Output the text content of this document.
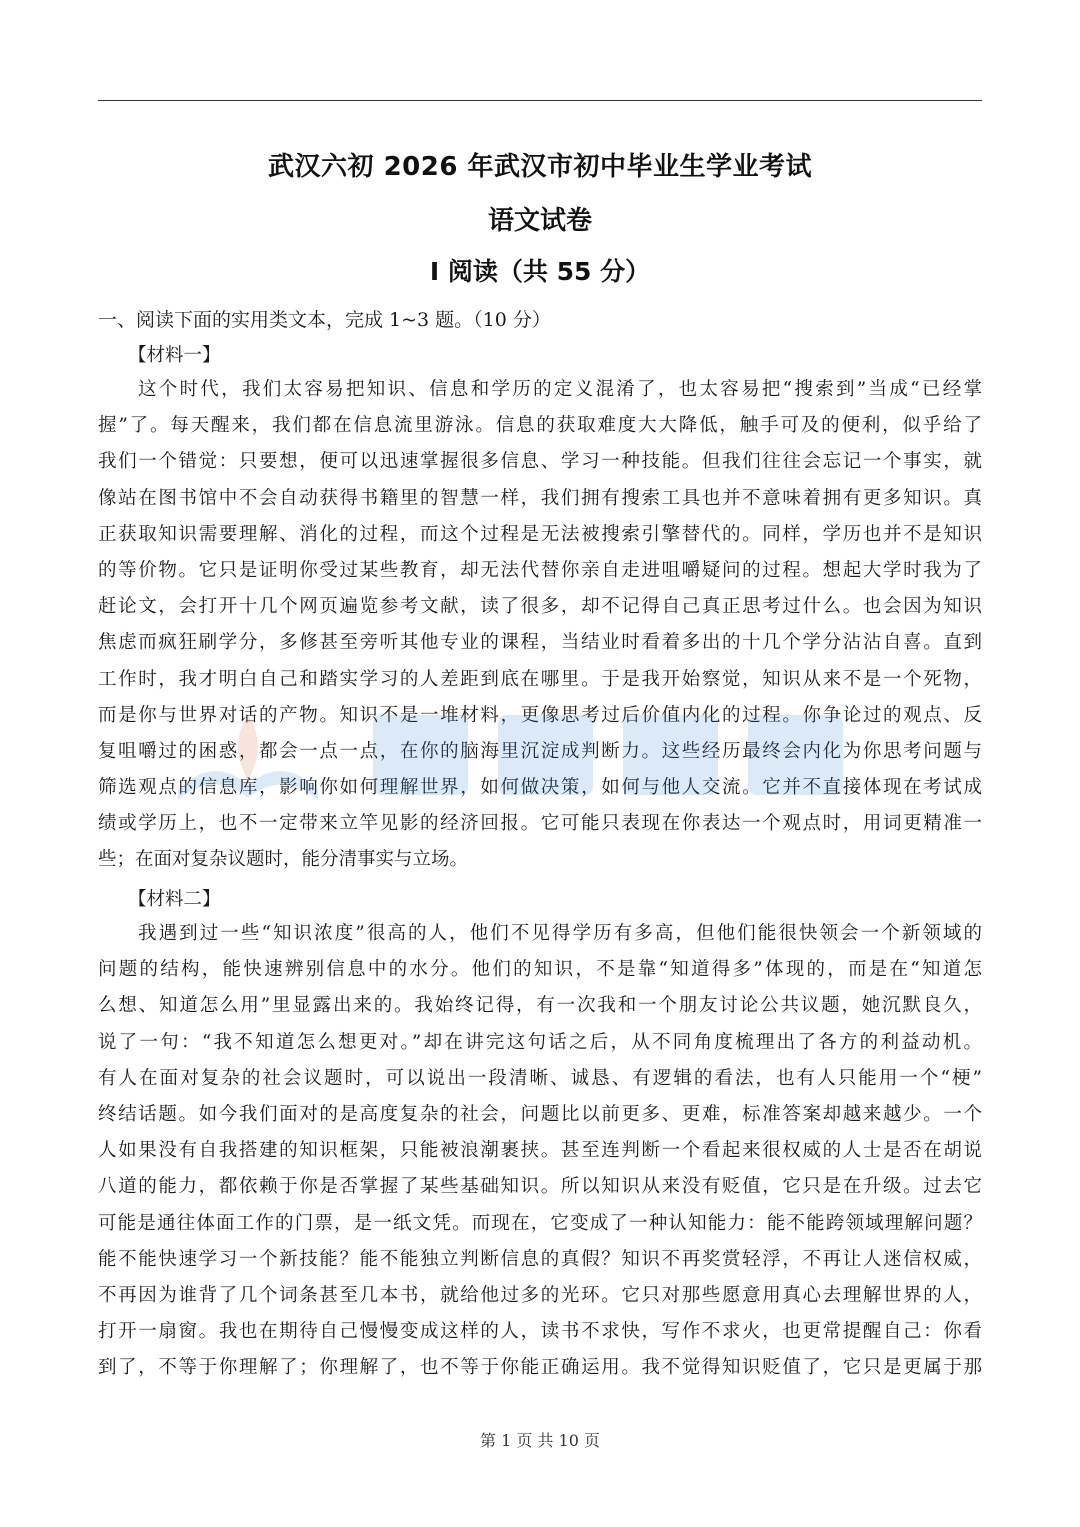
武汉六初 2026 年武汉市初中毕业生学业考试
语文试卷
Ⅰ 阅读（共 55 分）

一、阅读下面的实用类文本，完成 1~3 题。（10 分）

【材料一】

这个时代，我们太容易把知识、信息和学历的定义混淆了，也太容易把“搜索到”当成“已经掌
握”了。每天醒来，我们都在信息流里游泳。信息的获取难度大大降低，触手可及的便利，似乎给了
我们一个错觉：只要想，便可以迅速掌握很多信息、学习一种技能。但我们往往会忘记一个事实，就
像站在图书馆中不会自动获得书籍里的智慧一样，我们拥有搜索工具也并不意味着拥有更多知识。真
正获取知识需要理解、消化的过程，而这个过程是无法被搜索引擎替代的。同样，学历也并不是知识
的等价物。它只是证明你受过某些教育，却无法代替你亲自走进咀嚼疑问的过程。想起大学时我为了
赶论文，会打开十几个网页遍览参考文献，读了很多，却不记得自己真正思考过什么。也会因为知识
焦虑而疯狂刷学分，多修甚至旁听其他专业的课程，当结业时看着多出的十几个学分沾沾自喜。直到
工作时，我才明白自己和踏实学习的人差距到底在哪里。于是我开始察觉，知识从来不是一个死物，
而是你与世界对话的产物。知识不是一堆材料，更像思考过后价值内化的过程。你争论过的观点、反
复咀嚼过的困惑，都会一点一点，在你的脑海里沉淀成判断力。这些经历最终会内化为你思考问题与
筛选观点的信息库，影响你如何理解世界，如何做决策，如何与他人交流。它并不直接体现在考试成
绩或学历上，也不一定带来立竿见影的经济回报。它可能只表现在你表达一个观点时，用词更精准一
些；在面对复杂议题时，能分清事实与立场。

【材料二】

我遇到过一些“知识浓度”很高的人，他们不见得学历有多高，但他们能很快领会一个新领域的
问题的结构，能快速辨别信息中的水分。他们的知识，不是靠“知道得多”体现的，而是在“知道怎
么想、知道怎么用”里显露出来的。我始终记得，有一次我和一个朋友讨论公共议题，她沉默良久，
说了一句：“我不知道怎么想更对。”却在讲完这句话之后，从不同角度梳理出了各方的利益动机。
有人在面对复杂的社会议题时，可以说出一段清晰、诚恳、有逻辑的看法，也有人只能用一个“梗”
终结话题。如今我们面对的是高度复杂的社会，问题比以前更多、更难，标准答案却越来越少。一个
人如果没有自我搭建的知识框架，只能被浪潮裹挟。甚至连判断一个看起来很权威的人士是否在胡说
八道的能力，都依赖于你是否掌握了某些基础知识。所以知识从来没有贬值，它只是在升级。过去它
可能是通往体面工作的门票，是一纸文凭。而现在，它变成了一种认知能力：能不能跨领域理解问题？
能不能快速学习一个新技能？能不能独立判断信息的真假？知识不再奖赏轻浮，不再让人迷信权威，
不再因为谁背了几个词条甚至几本书，就给他过多的光环。它只对那些愿意用真心去理解世界的人，
打开一扇窗。我也在期待自己慢慢变成这样的人，读书不求快，写作不求火，也更常提醒自己：你看
到了，不等于你理解了；你理解了，也不等于你能正确运用。我不觉得知识贬值了，它只是更属于那

第 1 页 共 10 页
